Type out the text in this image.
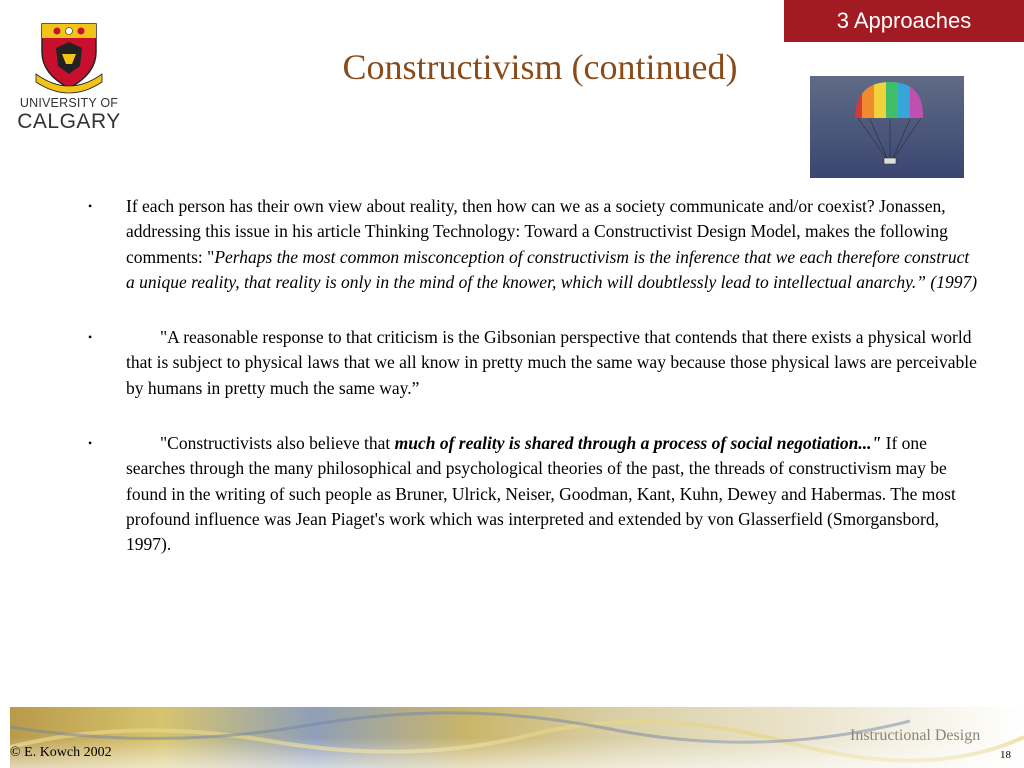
3 Approaches
UNIVERSITY OF
CALGARY
Constructivism (continued)
• If each person has their own view about reality, then how can we as a society communicate and/or coexist? Jonassen, addressing this issue in his article Thinking Technology: Toward a Constructivist Design Model, makes the following comments: "Perhaps the most common misconception of constructivism is the inference that we each therefore construct a unique reality, that reality is only in the mind of the knower, which will doubtlessly lead to intellectual anarchy.” (1997)
•	"A reasonable response to that criticism is the Gibsonian perspective that contends that there exists a physical world that is subject to physical laws that we all know in pretty much the same way because those physical laws are perceivable by humans in pretty much the same way.”
•	"Constructivists also believe that much of reality is shared through a process of social negotiation..." If one searches through the many philosophical and psychological theories of the past, the threads of constructivism may be found in the writing of such people as Bruner, Ulrick, Neiser, Goodman, Kant, Kuhn, Dewey and Habermas. The most profound influence was Jean Piaget's work which was interpreted and extended by von Glasserfield (Smorgansbord, 1997).
© E. Kowch 2002
Instructional Design
18
